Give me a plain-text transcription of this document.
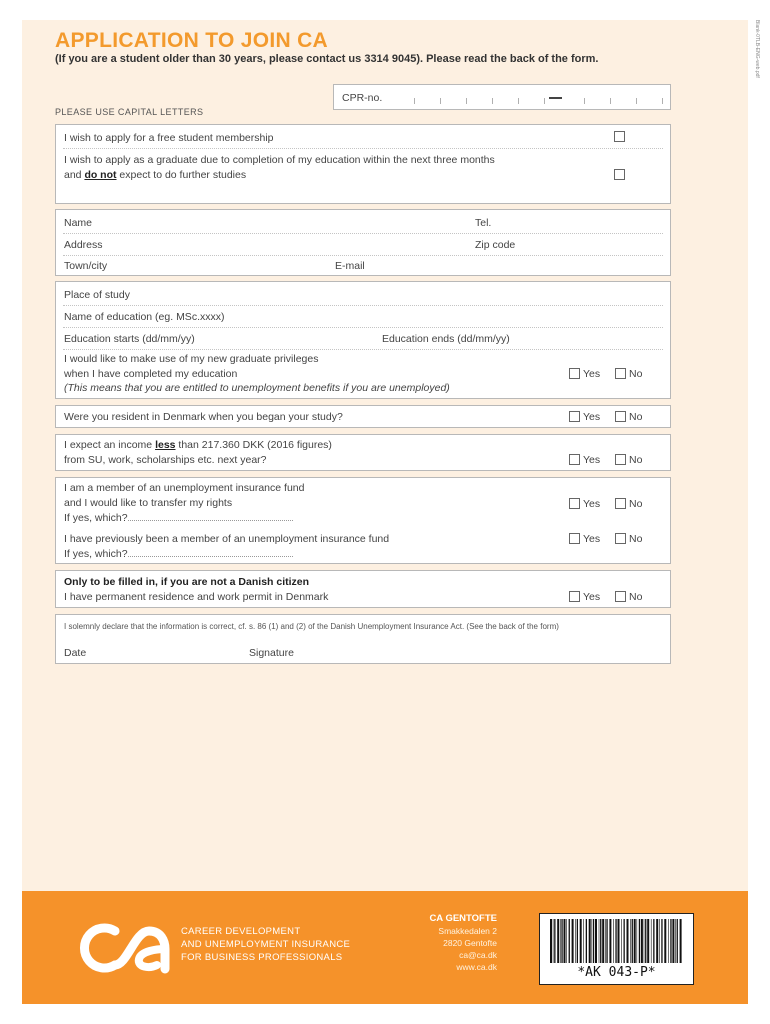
Blank-0TLB-ENG-web.pdf
APPLICATION TO JOIN CA
(If you are a student older than 30 years, please contact us 3314 9045). Please read the back of the form.
CPR-no.
PLEASE USE CAPITAL LETTERS
I wish to apply for a free student membership
I wish to apply as a graduate due to completion of my education within the next three months
and do not expect to do further studies
Name	Tel.
Address	Zip code
Town/city	E-mail
Place of study
Name of education (eg. MSc.xxxx)
Education starts (dd/mm/yy)	Education ends (dd/mm/yy)
I would like to make use of my new graduate privileges
when I have completed my education
(This means that you are entitled to unemployment benefits if you are unemployed)
Yes	No
Were you resident in Denmark when you began your study?	Yes	No
I expect an income less than 217.360 DKK (2016 figures)
from SU, work, scholarships etc. next year?	Yes	No
I am a member of an unemployment insurance fund
and I would like to transfer my rights
If yes, which?
Yes	No
I have previously been a member of an unemployment insurance fund
If yes, which?
Yes	No
Only to be filled in, if you are not a Danish citizen
I have permanent residence and work permit in Denmark	Yes	No
I solemnly declare that the information is correct, cf. s. 86 (1) and (2) of the Danish Unemployment Insurance Act. (See the back of the form)
Date	Signature
CAREER DEVELOPMENT
AND UNEMPLOYMENT INSURANCE
FOR BUSINESS PROFESSIONALS
CA GENTOFTE
Smakkedalen 2
2820 Gentofte
ca@ca.dk
www.ca.dk	*AK 043-P*
